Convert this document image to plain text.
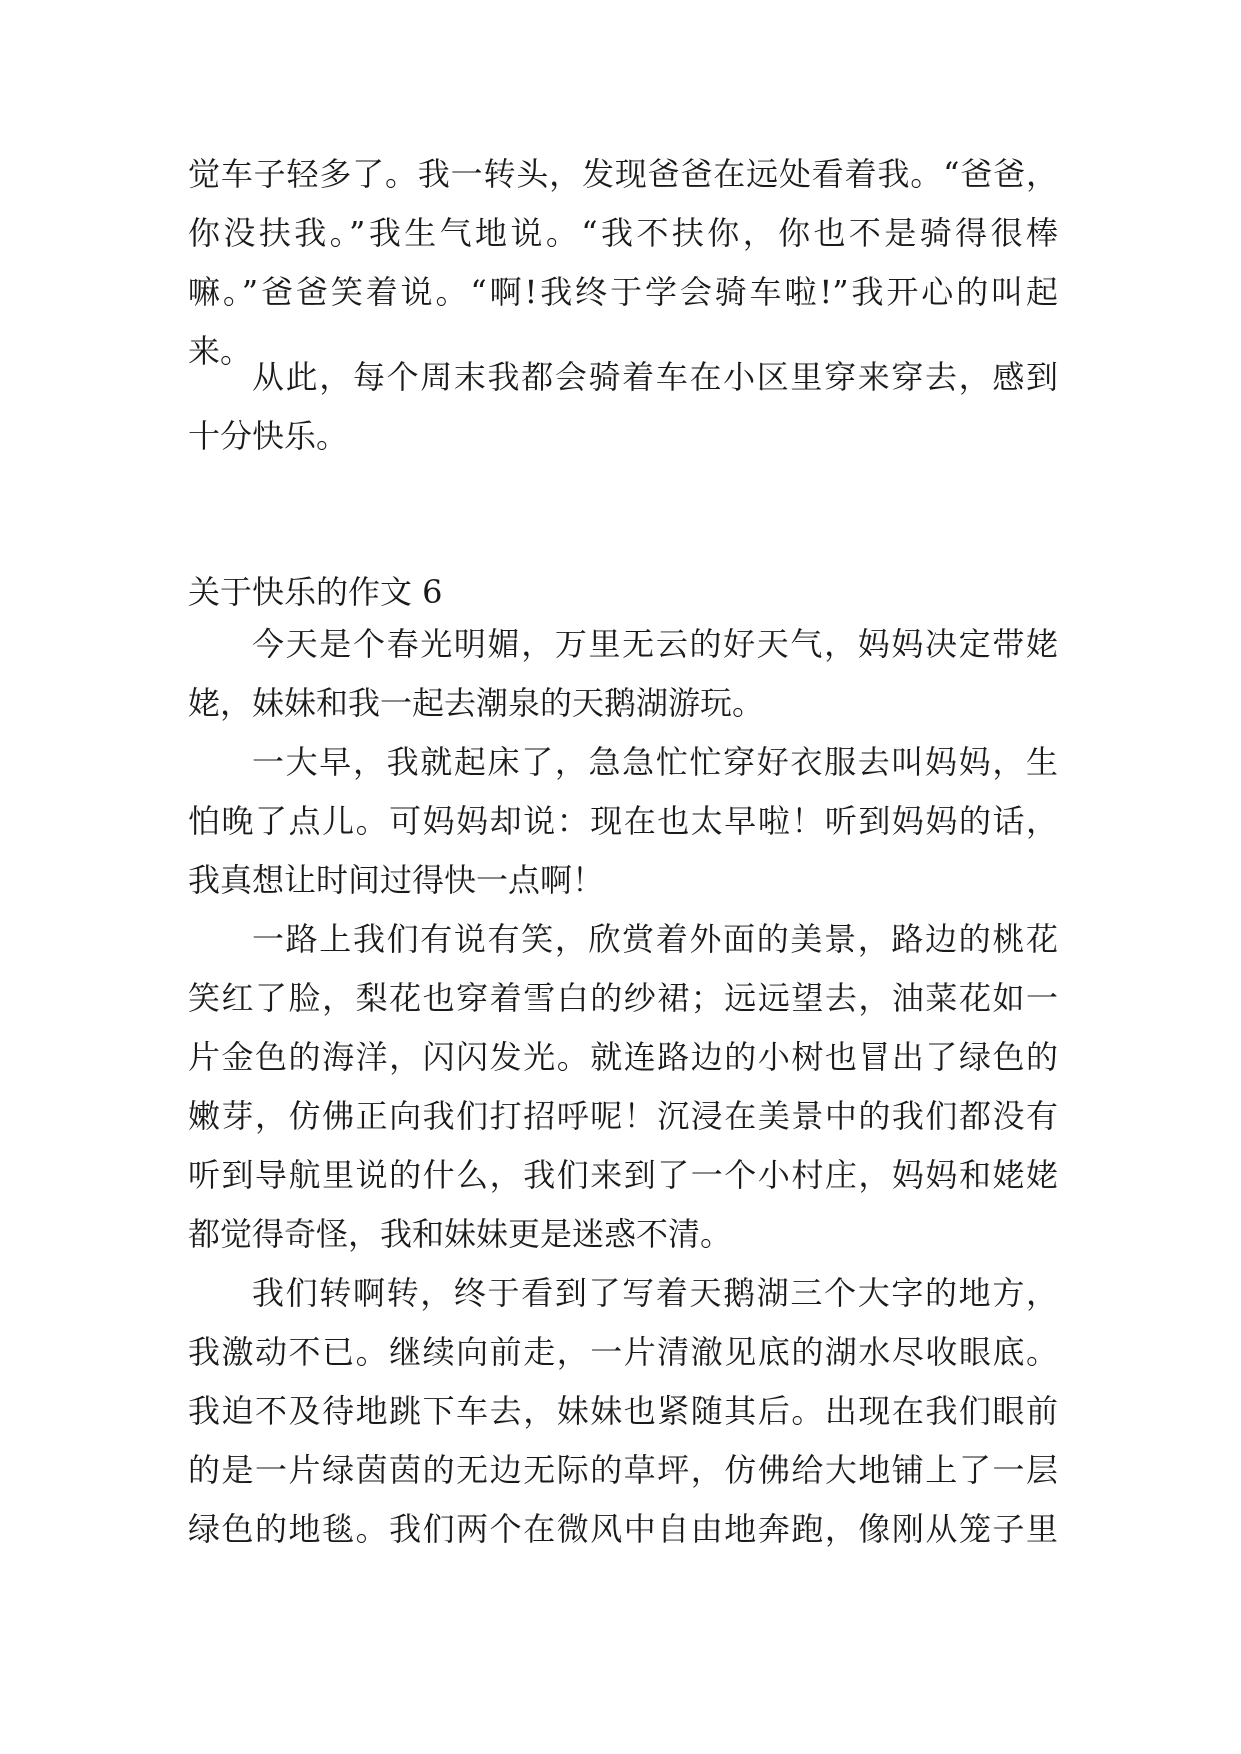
觉车子轻多了。我一转头，发现爸爸在远处看着我。“爸爸，
你没扶我。”我生气地说。“我不扶你，你也不是骑得很棒
嘛。”爸爸笑着说。“啊!我终于学会骑车啦!”我开心的叫起
来。
从此，每个周末我都会骑着车在小区里穿来穿去，感到
十分快乐。
关于快乐的作文 6
今天是个春光明媚，万里无云的好天气，妈妈决定带姥
姥，妹妹和我一起去潮泉的天鹅湖游玩。
一大早，我就起床了，急急忙忙穿好衣服去叫妈妈，生
怕晚了点儿。可妈妈却说：现在也太早啦！听到妈妈的话，
我真想让时间过得快一点啊！
一路上我们有说有笑，欣赏着外面的美景，路边的桃花
笑红了脸，梨花也穿着雪白的纱裙；远远望去，油菜花如一
片金色的海洋，闪闪发光。就连路边的小树也冒出了绿色的
嫩芽，仿佛正向我们打招呼呢！沉浸在美景中的我们都没有
听到导航里说的什么，我们来到了一个小村庄，妈妈和姥姥
都觉得奇怪，我和妹妹更是迷惑不清。
我们转啊转，终于看到了写着天鹅湖三个大字的地方，
我激动不已。继续向前走，一片清澈见底的湖水尽收眼底。
我迫不及待地跳下车去，妹妹也紧随其后。出现在我们眼前
的是一片绿茵茵的无边无际的草坪，仿佛给大地铺上了一层
绿色的地毯。我们两个在微风中自由地奔跑，像刚从笼子里
